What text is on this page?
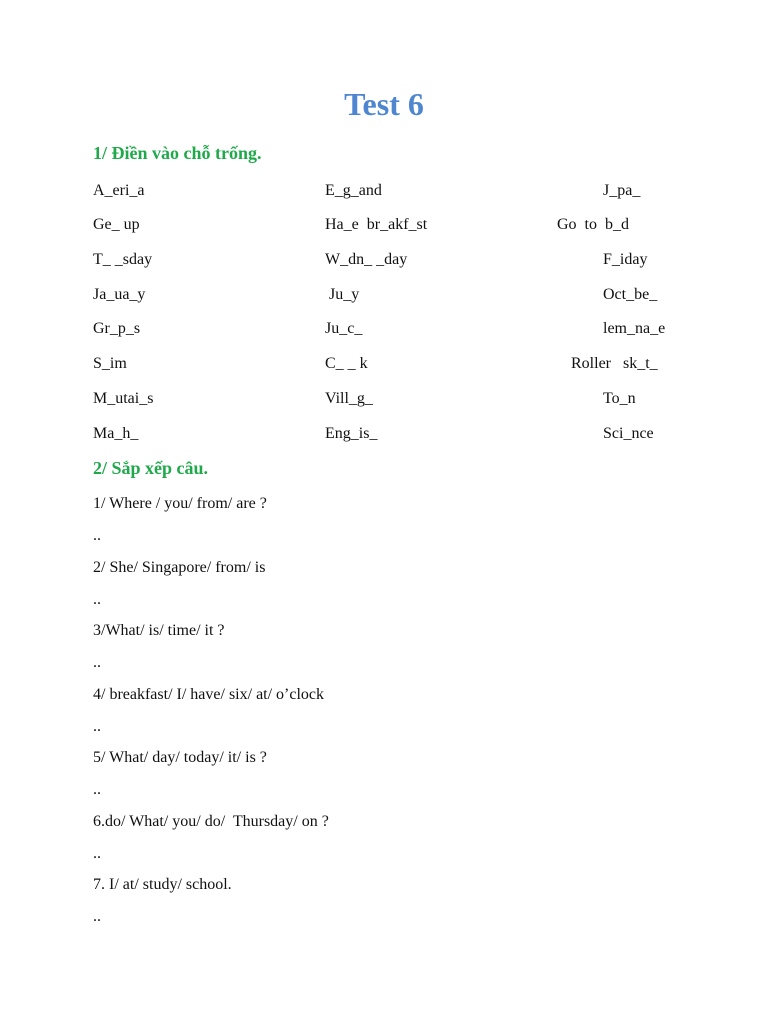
Test 6
1/ Điền vào chỗ trống.
A_eri_a	E_g_and	J_pa_
Ge_ up	Ha_e  br_akf_st	Go  to  b_d
T_ _sday	W_dn_ _day	F_iday
Ja_ua_y	Ju_y	Oct_be_
Gr_p_s	Ju_c_	lem_na_e
S_im	C_ _ k	Roller   sk_t_
M_utai_s	Vill_g_	To_n
Ma_h_	Eng_is_	Sci_nce
2/ Sắp xếp câu.
1/ Where / you/ from/ are ?
..
2/ She/ Singapore/ from/ is
..
3/What/ is/ time/ it ?
..
4/ breakfast/ I/ have/ six/ at/ o’clock
..
5/ What/ day/ today/ it/ is ?
..
6.do/ What/ you/ do/  Thursday/ on ?
..
7. I/ at/ study/ school.
..
